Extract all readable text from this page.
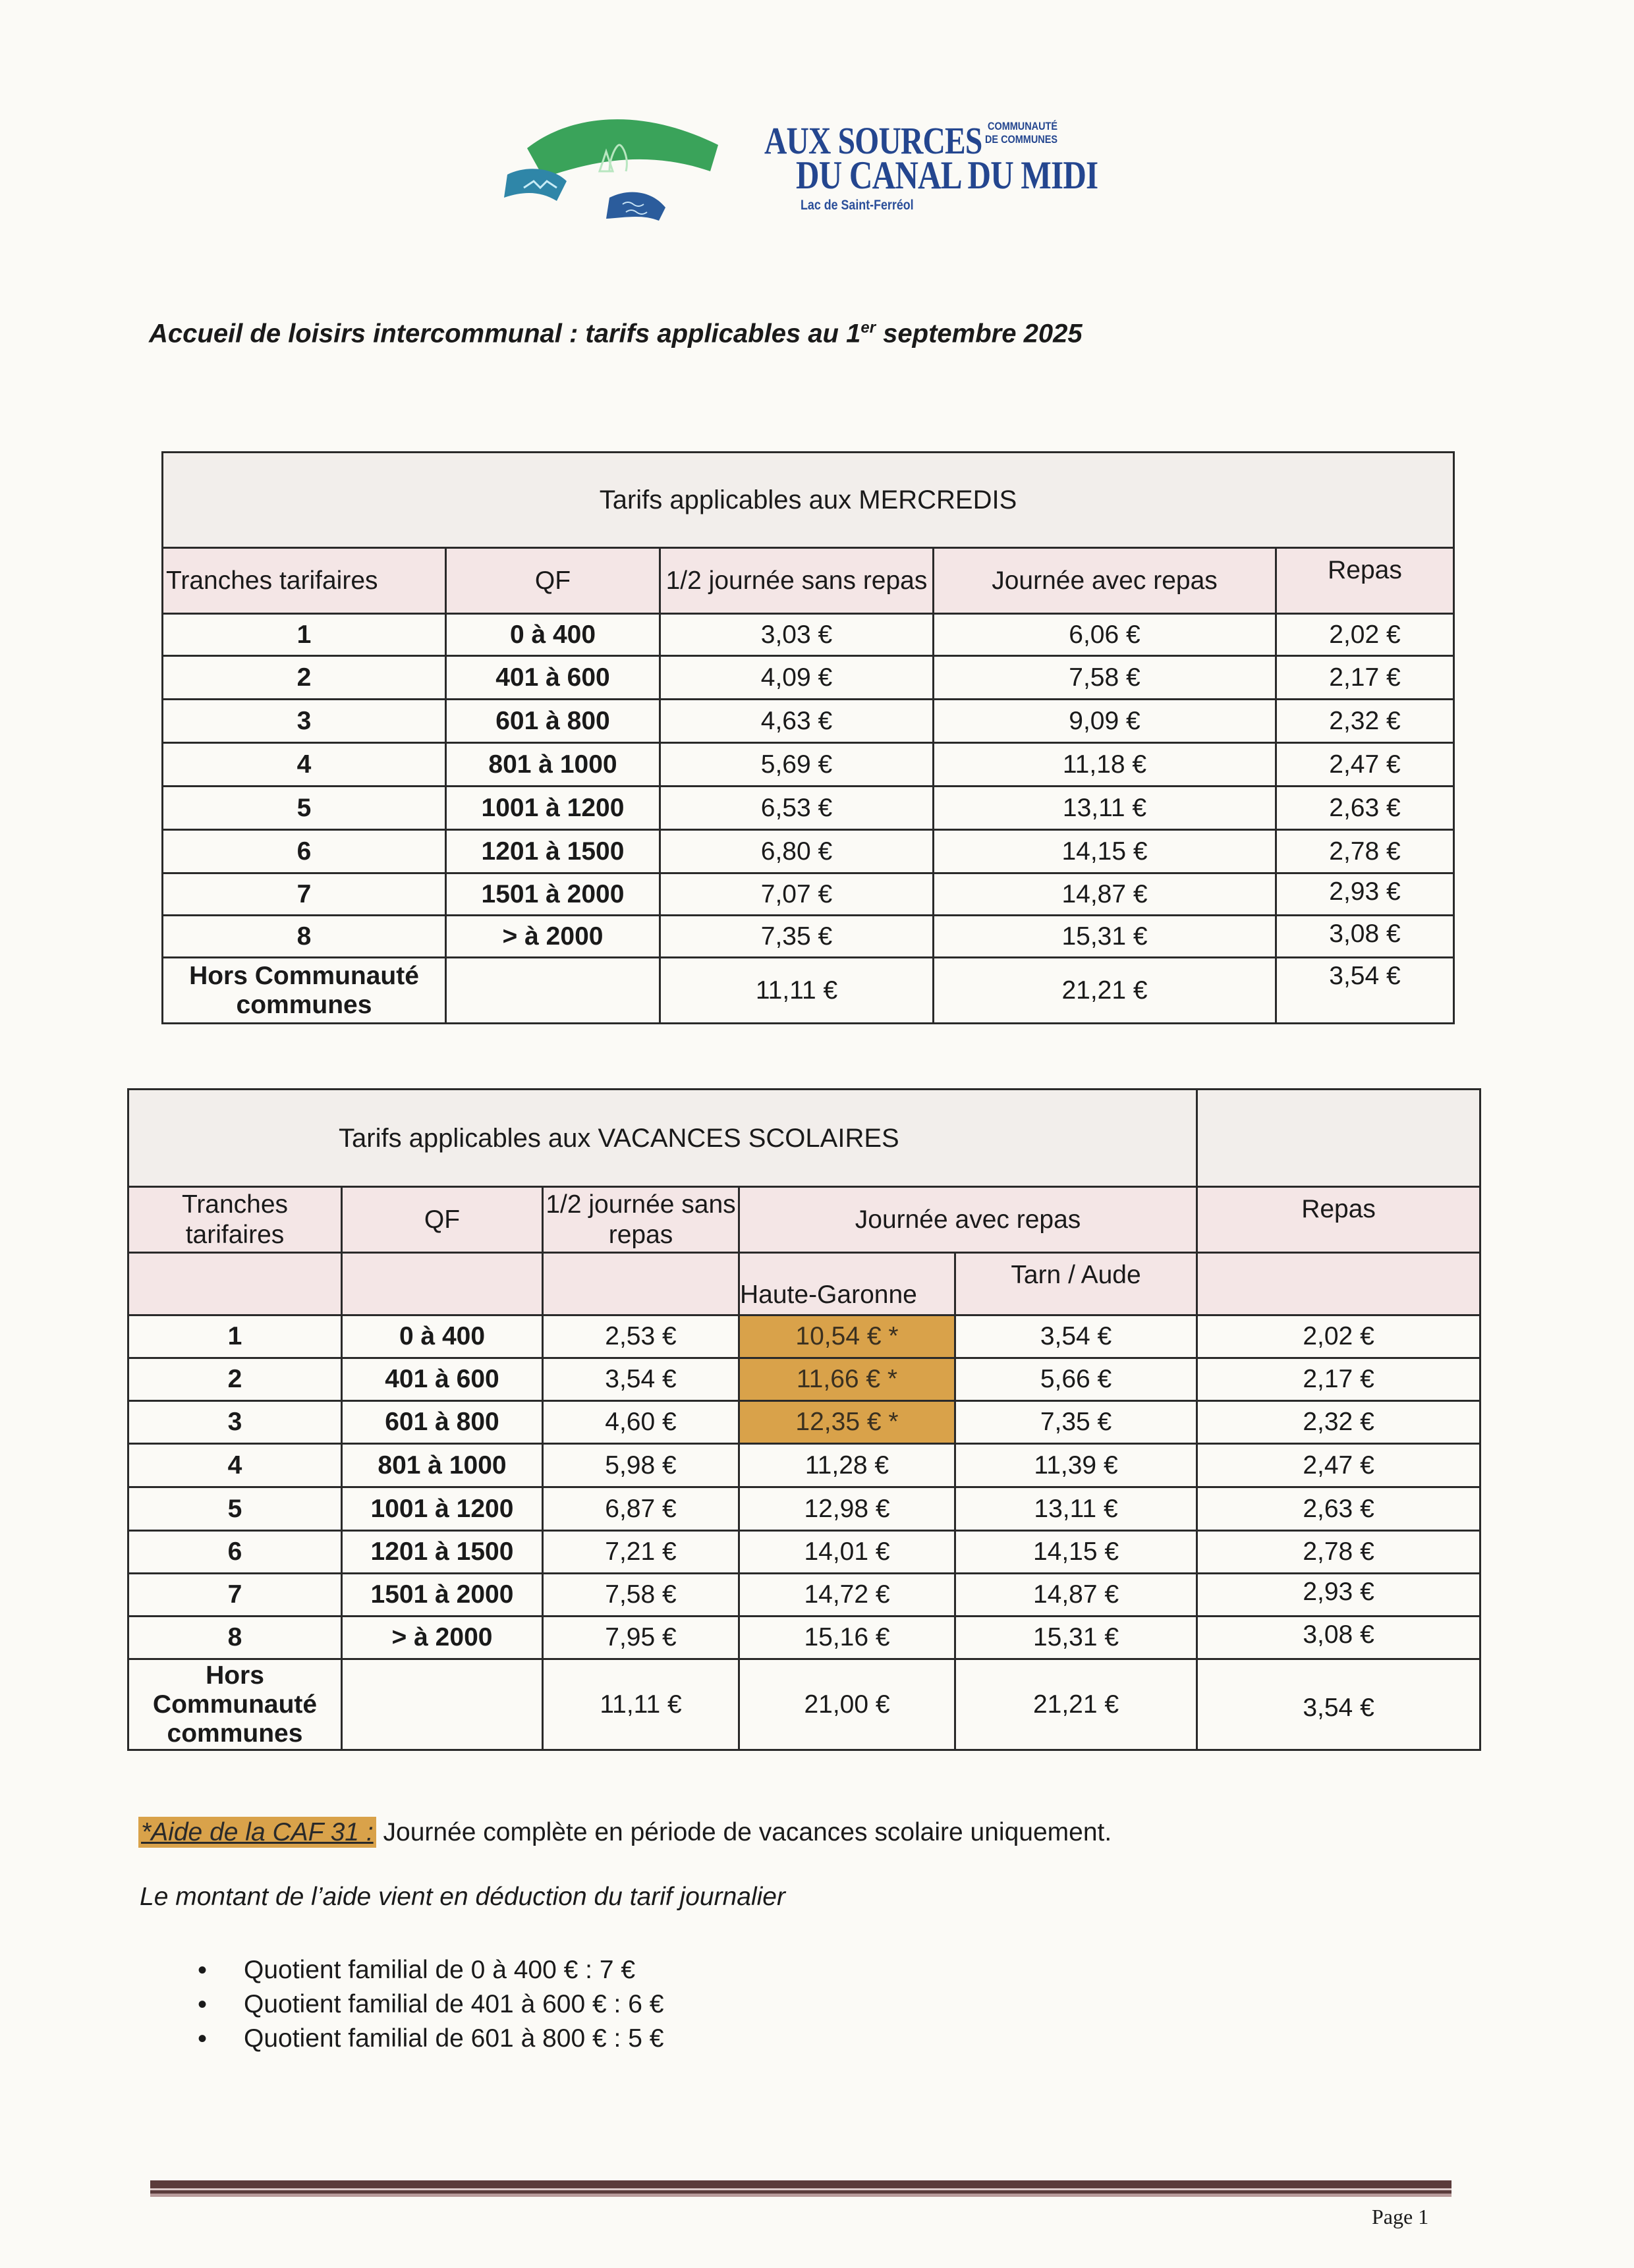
AUX SOURCES COMMUNAUTÉ
DE COMMUNES
DU CANAL DU MIDI
Lac de Saint-Ferréol
Accueil de loisirs intercommunal : tarifs applicables au 1er septembre 2025
Tarifs applicables aux MERCREDIS				
Tranches tarifaires	QF	1/2 journée sans repas	Journée avec repas	Repas
1	0 à 400	3,03 €	6,06 €	2,02 €
2	401 à 600	4,09 €	7,58 €	2,17 €
3	601 à 800	4,63 €	9,09 €	2,32 €
4	801 à 1000	5,69 €	11,18 €	2,47 €
5	1001 à 1200	6,53 €	13,11 €	2,63 €
6	1201 à 1500	6,80 €	14,15 €	2,78 €
7	1501 à 2000	7,07 €	14,87 €	2,93 €
8	> à 2000	7,35 €	15,31 €	3,08 €
Hors Communauté communes		11,11 €	21,21 €	3,54 €
Tarifs applicables aux VACANCES SCOLAIRES					
Tranches tarifaires	QF	1/2 journée sans repas	Journée avec repas		Repas
			Haute-Garonne	Tarn / Aude	
1	0 à 400	2,53 €	10,54 € *	3,54 €	2,02 €
2	401 à 600	3,54 €	11,66 € *	5,66 €	2,17 €
3	601 à 800	4,60 €	12,35 € *	7,35 €	2,32 €
4	801 à 1000	5,98 €	11,28 €	11,39 €	2,47 €
5	1001 à 1200	6,87 €	12,98 €	13,11 €	2,63 €
6	1201 à 1500	7,21 €	14,01 €	14,15 €	2,78 €
7	1501 à 2000	7,58 €	14,72 €	14,87 €	2,93 €
8	> à 2000	7,95 €	15,16 €	15,31 €	3,08 €
Hors Communauté communes		11,11 €	21,00 €	21,21 €	3,54 €
*Aide de la CAF 31 : Journée complète en période de vacances scolaire uniquement.
Le montant de l’aide vient en déduction du tarif journalier
• Quotient familial de 0 à 400 € : 7 €
• Quotient familial de 401 à 600 € : 6 €
• Quotient familial de 601 à 800 € : 5 €
Page 1
